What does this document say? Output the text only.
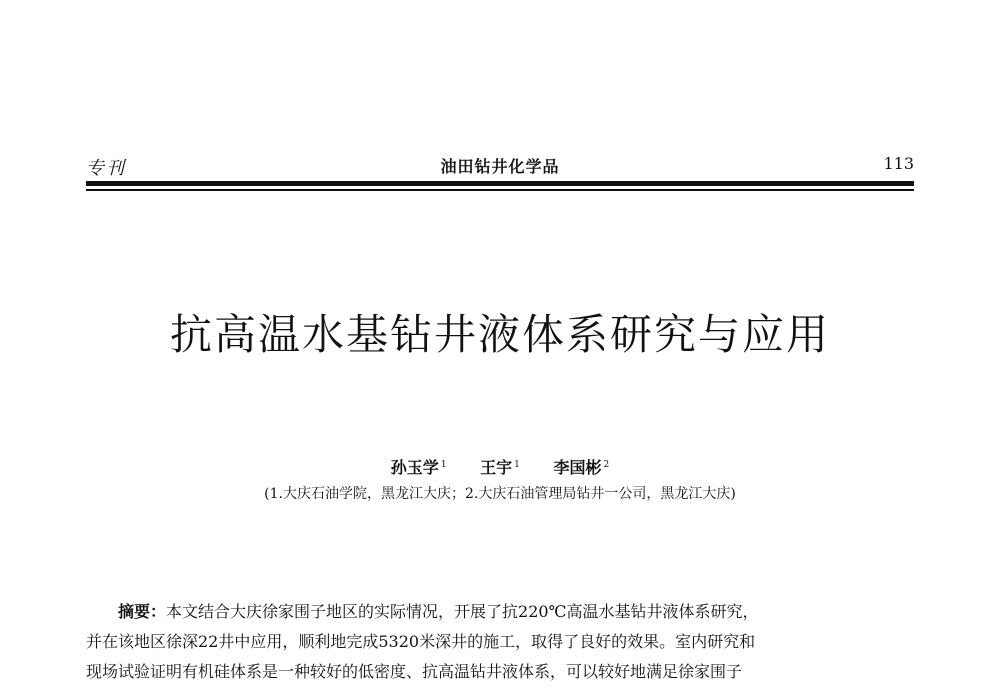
专刊	油田钻井化学品	113
抗高温水基钻井液体系研究与应用
孙玉学 $^1$ 王宇 $^1$ 李国彬 $^2$
(1.大庆石油学院，黑龙江大庆；2.大庆石油管理局钻井一公司，黑龙江大庆)
摘要：本文结合大庆徐家围子地区的实际情况，开展了抗220℃高温水基钻井液体系研究，
并在该地区徐深22井中应用，顺利地完成5320米深井的施工，取得了良好的效果。室内研究和
现场试验证明有机硅体系是一种较好的低密度、抗高温钻井液体系，可以较好地满足徐家围子
